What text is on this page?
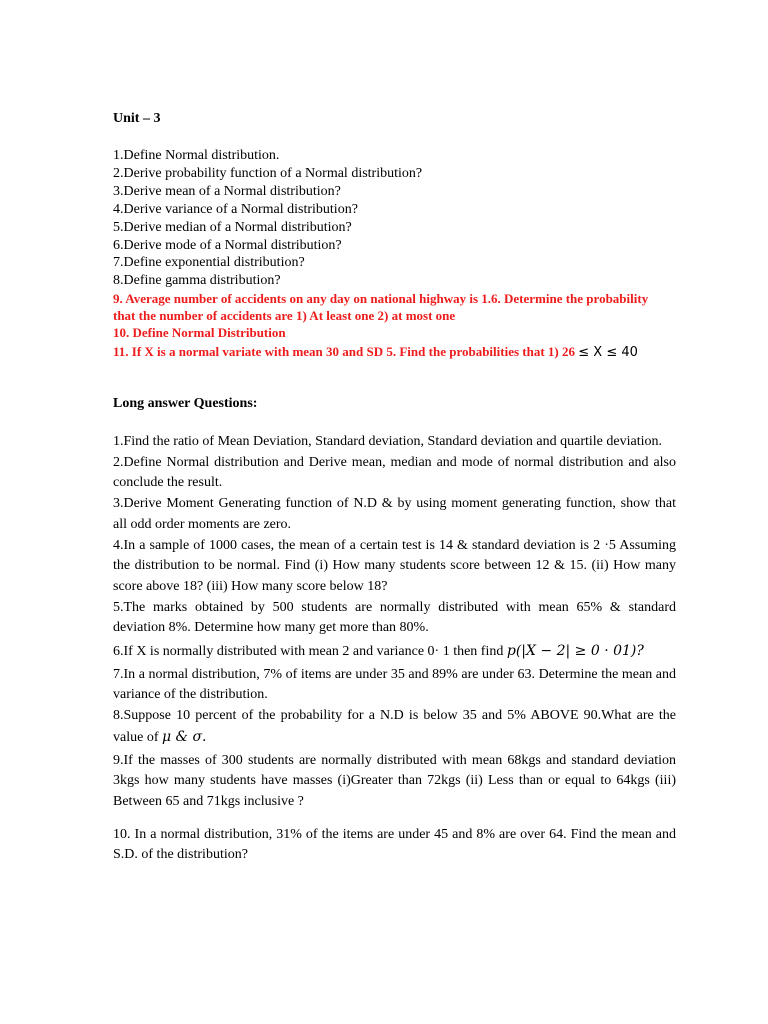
Unit – 3

1.Define Normal distribution.

2.Derive probability function of a Normal distribution?

3.Derive mean of a Normal distribution?

4.Derive variance of a Normal distribution?

5.Derive median of a Normal distribution?

6.Derive mode of a Normal distribution?

7.Define exponential distribution?

8.Define gamma distribution?

9. Average number of accidents on any day on national highway is 1.6. Determine the probability that the number of accidents are 1) At least one 2) at most one

10. Define Normal Distribution

11. If X is a normal variate with mean 30 and SD 5. Find the probabilities that 1) 26 ≤ X ≤ 40

Long answer Questions:

1.Find the ratio of Mean Deviation, Standard deviation, Standard deviation and quartile deviation.

2.Define Normal distribution and Derive mean, median and mode of normal distribution and also conclude the result.

3.Derive Moment Generating function of N.D & by using moment generating function, show that all odd order moments are zero.

4.In a sample of 1000 cases, the mean of a certain test is 14 & standard deviation is 2 ·5 Assuming the distribution to be normal. Find (i) How many students score between 12 & 15. (ii) How many score above 18? (iii) How many score below 18?

5.The marks obtained by 500 students are normally distributed with mean 65% & standard deviation 8%. Determine how many get more than 80%.

6.If X is normally distributed with mean 2 and variance 0· 1 then find p(|X − 2| ≥ 0 · 01)?

7.In a normal distribution, 7% of items are under 35 and 89% are under 63. Determine the mean and variance of the distribution.

8.Suppose 10 percent of the probability for a N.D is below 35 and 5% ABOVE 90.What are the value of μ & σ.

9.If the masses of 300 students are normally distributed with mean 68kgs and standard deviation 3kgs how many students have masses (i)Greater than 72kgs (ii) Less than or equal to 64kgs (iii) Between 65 and 71kgs inclusive ?

10. In a normal distribution, 31% of the items are under 45 and 8% are over 64. Find the mean and S.D. of the distribution?
